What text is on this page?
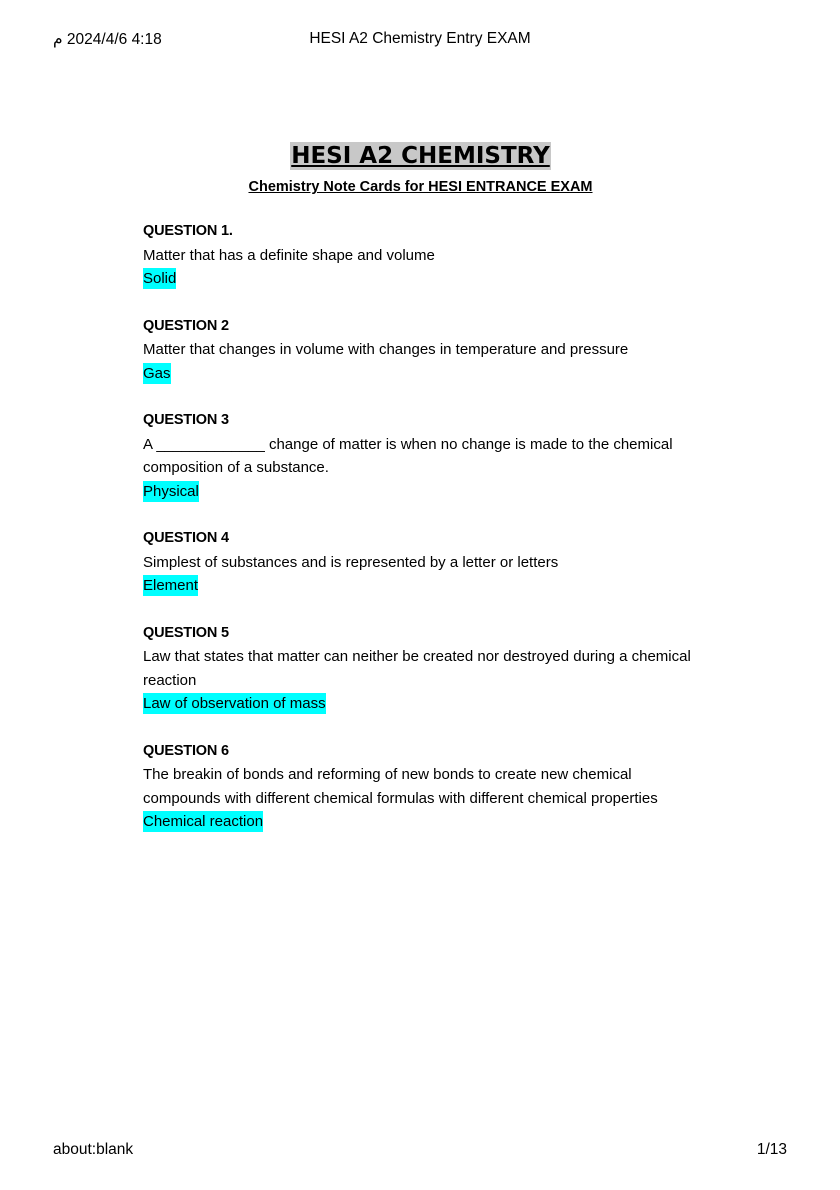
4:18 2024/4/6 م	HESI A2 Chemistry Entry EXAM
HESI A2 CHEMISTRY
Chemistry Note Cards for HESI ENTRANCE EXAM
QUESTION 1.
Matter that has a definite shape and volume
Solid
QUESTION 2
Matter that changes in volume with changes in temperature and pressure
Gas
QUESTION 3
A _____________ change of matter is when no change is made to the chemical composition of a substance.
Physical
QUESTION 4
Simplest of substances and is represented by a letter or letters
Element
QUESTION 5
Law that states that matter can neither be created nor destroyed during a chemical reaction
Law of observation of mass
QUESTION 6
The breakin of bonds and reforming of new bonds to create new chemical compounds with different chemical formulas with different chemical properties
Chemical reaction
about:blank	1/13
